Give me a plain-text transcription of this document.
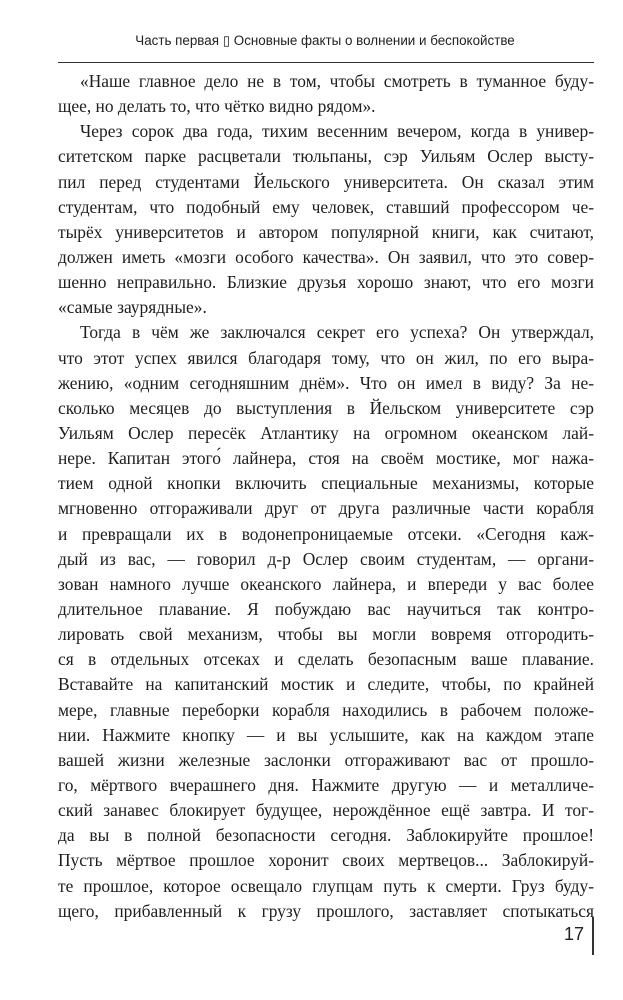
Часть первая ▯ Основные факты о волнении и беспокойстве
«Наше главное дело не в том, чтобы смотреть в туманное буду-
щее, но делать то, что чётко видно рядом».
Через сорок два года, тихим весенним вечером, когда в универ-
ситетском парке расцветали тюльпаны, сэр Уильям Ослер высту-
пил перед студентами Йельского университета. Он сказал этим
студентам, что подобный ему человек, ставший профессором че-
тырёх университетов и автором популярной книги, как считают,
должен иметь «мозги особого качества». Он заявил, что это совер-
шенно неправильно. Близкие друзья хорошо знают, что его мозги
«самые заурядные».
Тогда в чём же заключался секрет его успеха? Он утверждал,
что этот успех явился благодаря тому, что он жил, по его выра-
жению, «одним сегодняшним днём». Что он имел в виду? За не-
сколько месяцев до выступления в Йельском университете сэр
Уильям Ослер пересёк Атлантику на огромном океанском лай-
нере. Капитан этого́ лайнера, стоя на своём мостике, мог нажа-
тием одной кнопки включить специальные механизмы, которые
мгновенно отгораживали друг от друга различные части корабля
и превращали их в водонепроницаемые отсеки. «Сегодня каж-
дый из вас, — говорил д-р Ослер своим студентам, — органи-
зован намного лучше океанского лайнера, и впереди у вас более
длительное плавание. Я побуждаю вас научиться так контро-
лировать свой механизм, чтобы вы могли вовремя отгородить-
ся в отдельных отсеках и сделать безопасным ваше плавание.
Вставайте на капитанский мостик и следите, чтобы, по крайней
мере, главные переборки корабля находились в рабочем положе-
нии. Нажмите кнопку — и вы услышите, как на каждом этапе
вашей жизни железные заслонки отгораживают вас от прошло-
го, мёртвого вчерашнего дня. Нажмите другую — и металличе-
ский занавес блокирует будущее, нерождённое ещё завтра. И тог-
да вы в полной безопасности сегодня. Заблокируйте прошлое!
Пусть мёртвое прошлое хоронит своих мертвецов... Заблокируй-
те прошлое, которое освещало глупцам путь к смерти. Груз буду-
щего, прибавленный к грузу прошлого, заставляет спотыкаться
17
